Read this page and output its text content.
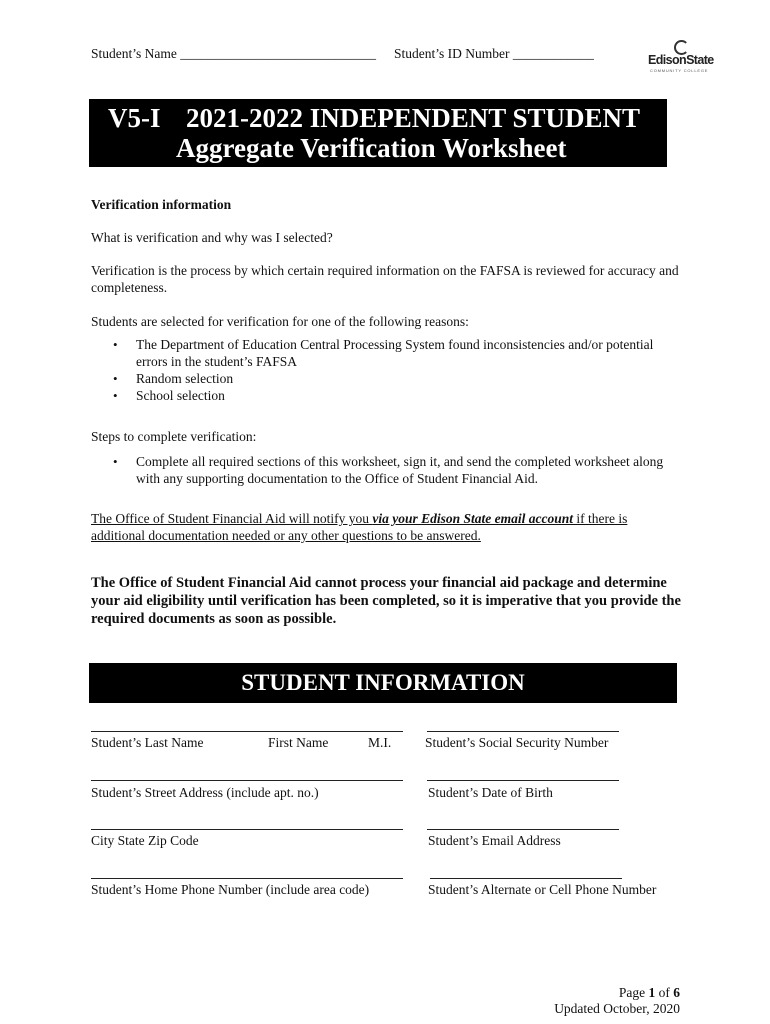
Student’s Name _____________________________ Student’s ID Number ____________	EdisonState
COMMUNITY COLLEGE
V5-I 2021-2022 INDEPENDENT STUDENT
Aggregate Verification Worksheet
Verification information
What is verification and why was I selected?
Verification is the process by which certain required information on the FAFSA is reviewed for accuracy and completeness.
Students are selected for verification for one of the following reasons:
• The Department of Education Central Processing System found inconsistencies and/or potential errors in the student’s FAFSA
• Random selection
• School selection
Steps to complete verification:
• Complete all required sections of this worksheet, sign it, and send the completed worksheet along with any supporting documentation to the Office of Student Financial Aid.
The Office of Student Financial Aid will notify you via your Edison State email account if there is additional documentation needed or any other questions to be answered.
The Office of Student Financial Aid cannot process your financial aid package and determine your aid eligibility until verification has been completed, so it is imperative that you provide the required documents as soon as possible.
STUDENT INFORMATION
Student’s Last Name	First Name	M.I.	Student’s Social Security Number
Student’s Street Address (include apt. no.)	Student’s Date of Birth
City State Zip Code	Student’s Email Address
Student’s Home Phone Number (include area code)	Student’s Alternate or Cell Phone Number
Page 1 of 6
Updated October, 2020
